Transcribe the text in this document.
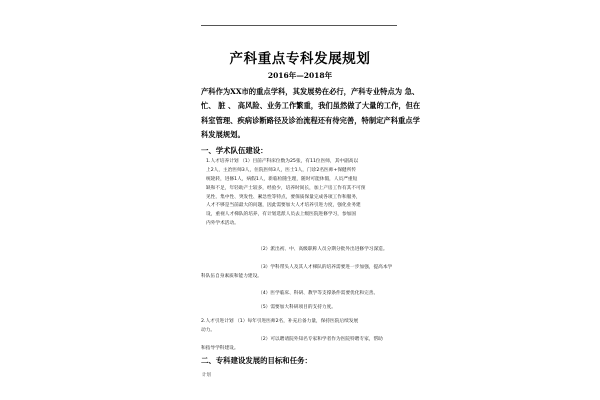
产科重点专科发展规划
2016年—2018年
产科作为XX市的重点学科，其发展势在必行，产科专业特点为 急、
忙、 脏 、 高风险、业务工作繁重，我们虽然做了大量的工作，但在
科室管理、疾病诊断路径及诊治流程还有待完善，特制定产科重点学
科发展规划。
一、学术队伍建设：
1.人才培养计划 （1）目前产科床位数为25张，有11位医师，其中副高以
上2人，主治医师3人，住院医师3人，医士1人，门诊2名医师+保健所传
统轮转，进修1人，病假1人，新临检随生理，随时可能休假，人员严重短
缺和不足，年轻助产士较多，经验少，培养时间长，加上产房工作有其不可预
见性、集中性、突发性、紧急性等特点，要保质保量完成各项工作和服务，
人才不够是当前最大的问题，因此需要加大人才培养引进力度，强化业务建
设，重视人才梯队的培养，有计划选派人员去上级医院进修学习，参加国
内外学术活动。
（2）派出初、中、高级职称人员分期分批外出进修学习深造。
（3）学科带头人及其人才梯队的培养需要进一步加强，提高本学
科队伍自身素质和能力建设。
（4）医学临床、科研、教学等支撑条件需要优化和完善。
（5）需要加大科研项目的支持力度。
2.人才引进计划 （1）每年引进医师2名，补充后备力量，保持医院后续发展
动力。
（2）可以聘请院外知名专家和学者作为医院特聘专家，帮助
和指导学科建设。
二、专科建设发展的目标和任务：
计划
